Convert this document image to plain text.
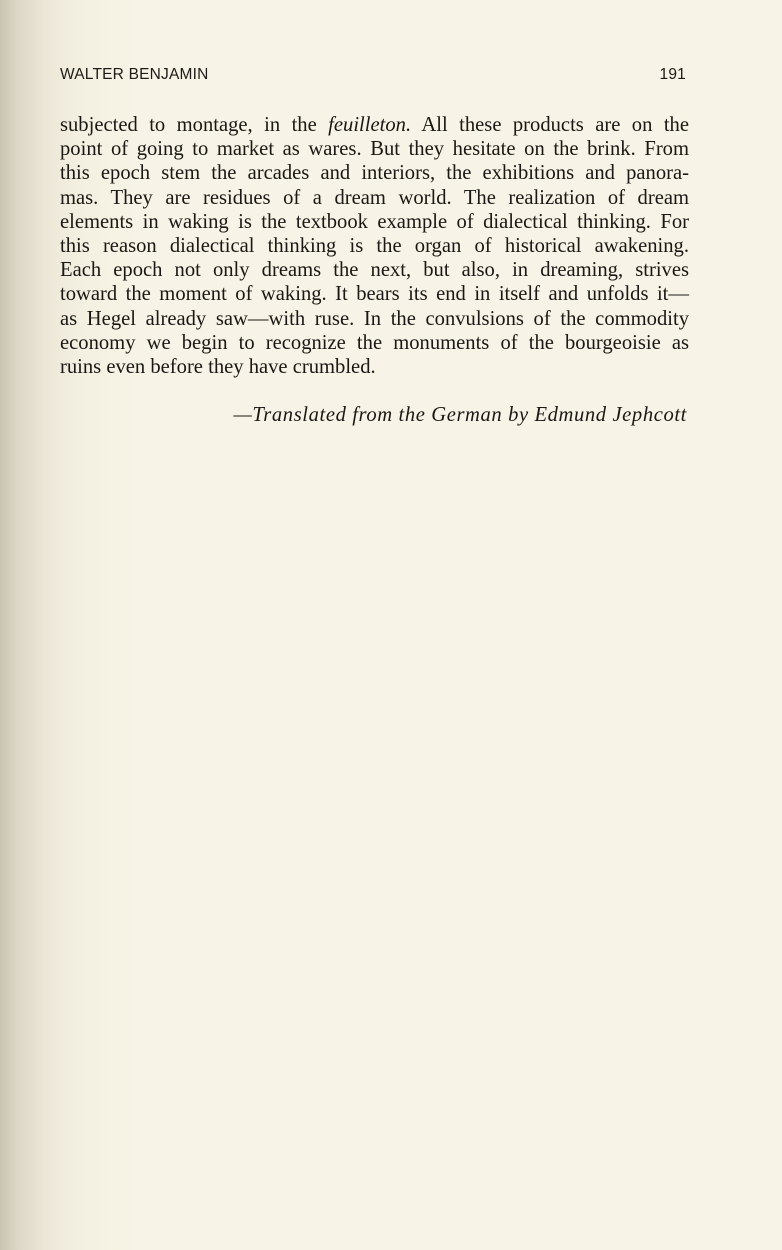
WALTER BENJAMIN	191
subjected to montage, in the feuilleton. All these products are on the
point of going to market as wares. But they hesitate on the brink. From
this epoch stem the arcades and interiors, the exhibitions and panora-
mas. They are residues of a dream world. The realization of dream
elements in waking is the textbook example of dialectical thinking. For
this reason dialectical thinking is the organ of historical awakening.
Each epoch not only dreams the next, but also, in dreaming, strives
toward the moment of waking. It bears its end in itself and unfolds it—
as Hegel already saw—with ruse. In the convulsions of the commodity
economy we begin to recognize the monuments of the bourgeoisie as
ruins even before they have crumbled.
—Translated from the German by Edmund Jephcott
